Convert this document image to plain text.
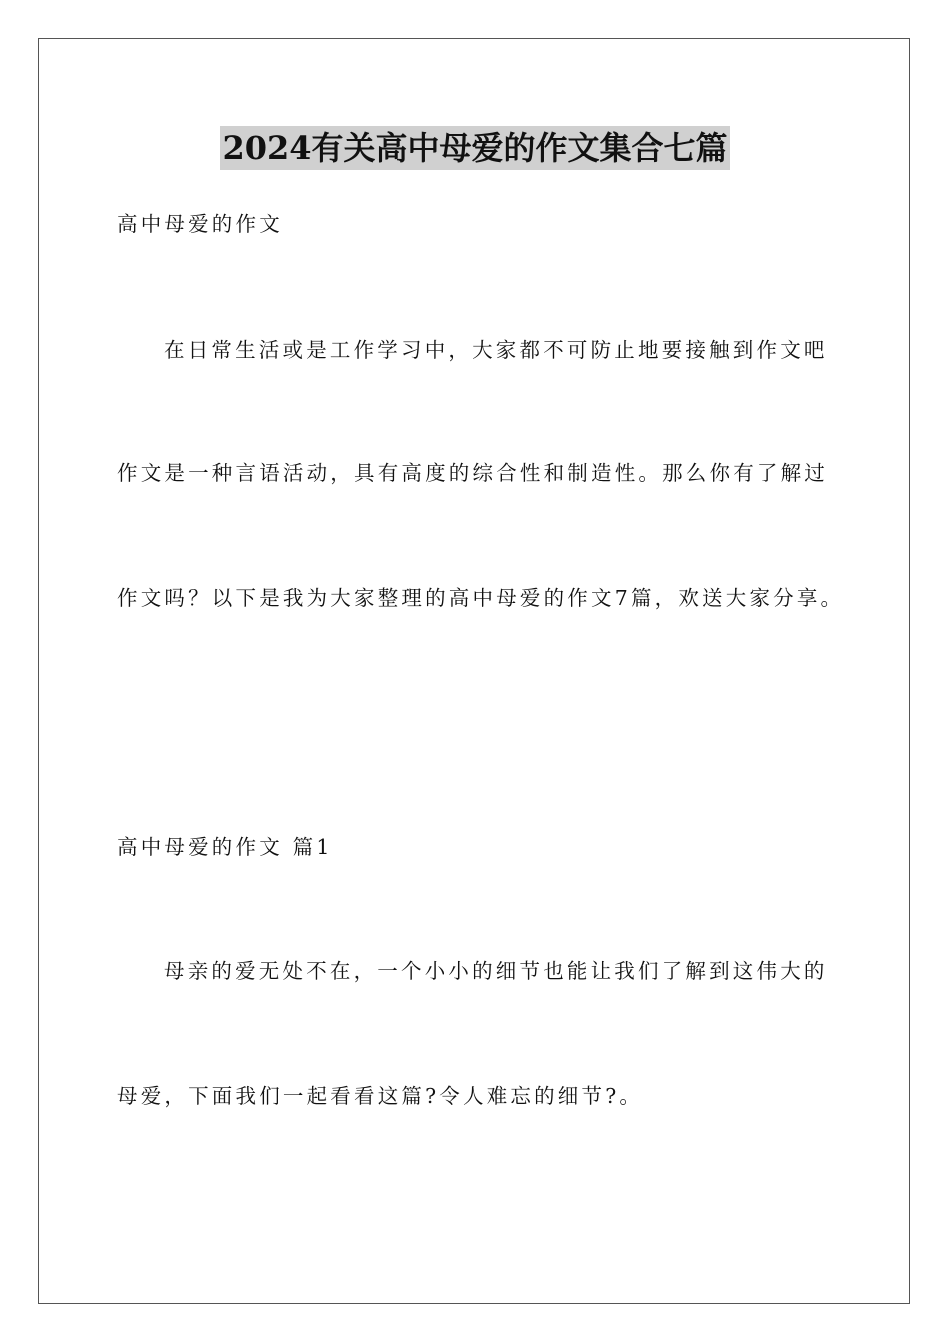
2024有关高中母爱的作文集合七篇
高中母爱的作文
在日常生活或是工作学习中，大家都不可防止地要接触到作文吧
作文是一种言语活动，具有高度的综合性和制造性。那么你有了解过
作文吗？以下是我为大家整理的高中母爱的作文7篇，欢送大家分享。
高中母爱的作文 篇1
母亲的爱无处不在，一个小小的细节也能让我们了解到这伟大的
母爱，下面我们一起看看这篇?令人难忘的细节?。
